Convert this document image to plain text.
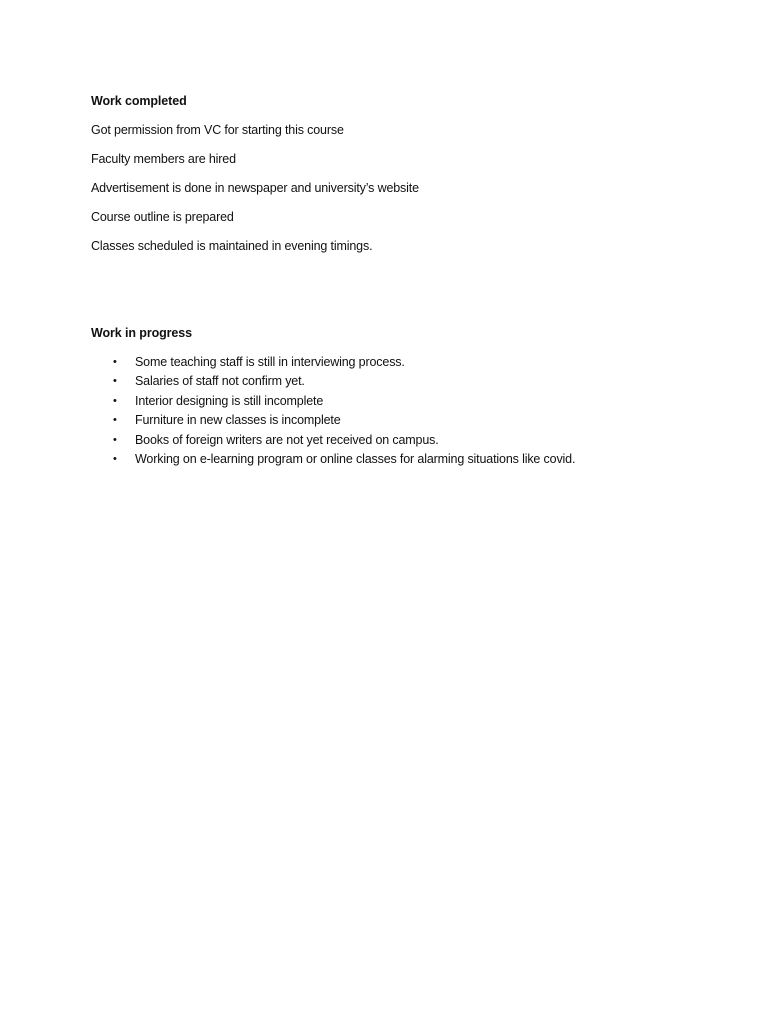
Work completed

Got permission from VC for starting this course

Faculty members are hired

Advertisement is done in newspaper and university’s website

Course outline is prepared

Classes scheduled is maintained in evening timings.

Work in progress

• Some teaching staff is still in interviewing process.
• Salaries of staff not confirm yet.
• Interior designing is still incomplete
• Furniture in new classes is incomplete
• Books of foreign writers are not yet received on campus.
• Working on e-learning program or online classes for alarming situations like covid.
